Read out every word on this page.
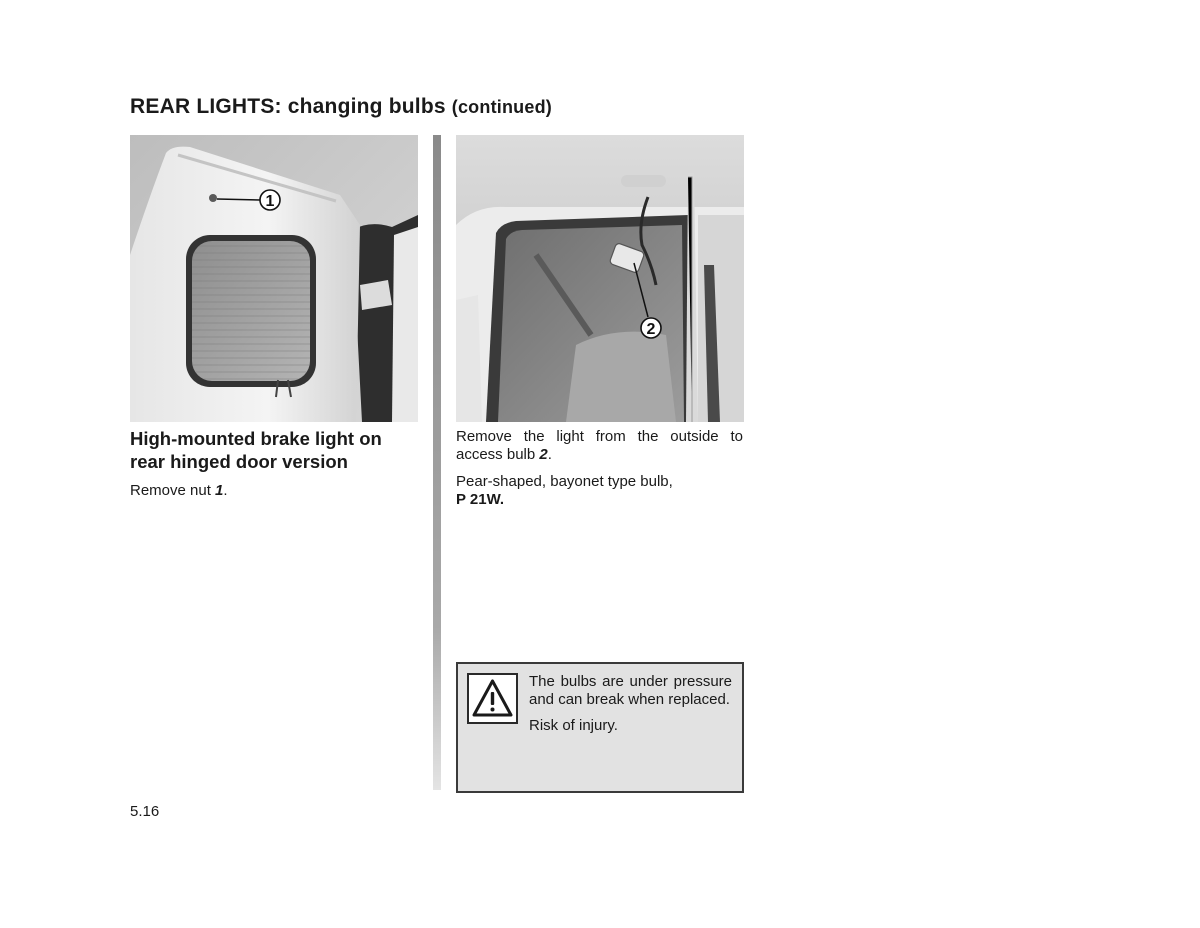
REAR LIGHTS: changing bulbs (continued)
1
2
High-mounted brake light on rear hinged door version
Remove nut 1.
Remove the light from the outside to access bulb 2.
Pear-shaped, bayonet type bulb,
P 21W.

The bulbs are under pressure and can break when replaced.

Risk of injury.

5.16
